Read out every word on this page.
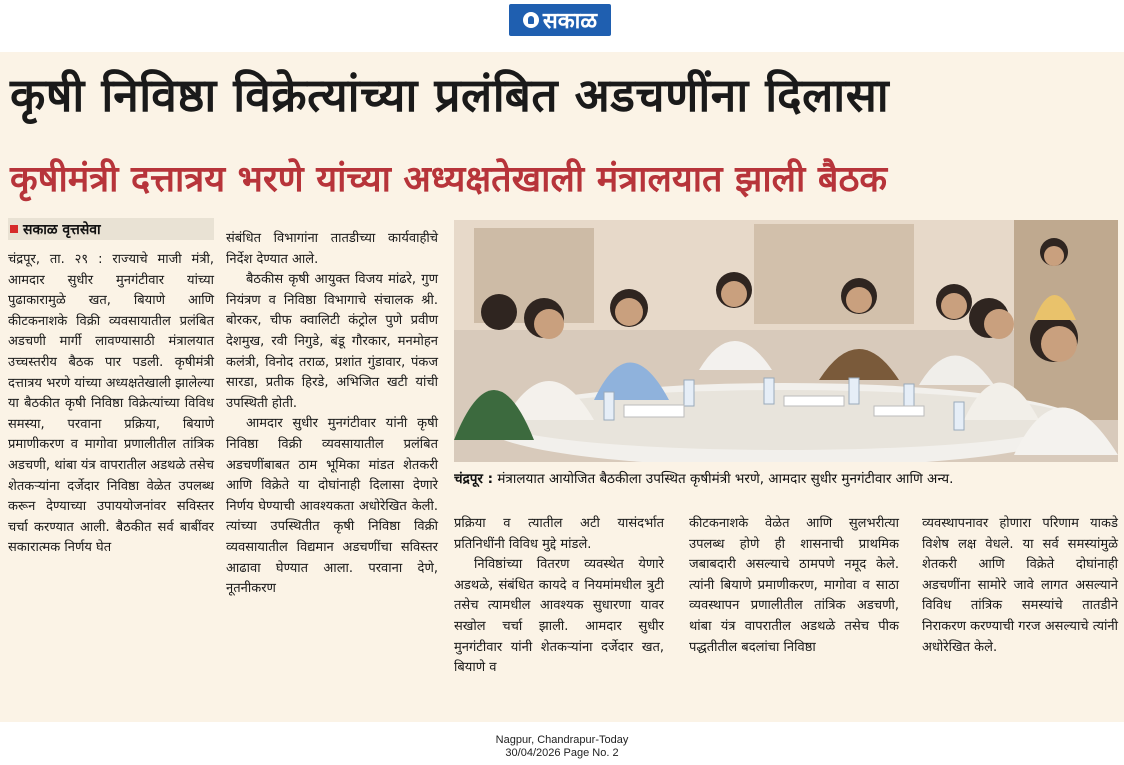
सकाळ
कृषी निविष्ठा विक्रेत्यांच्या प्रलंबित अडचणींना दिलासा
कृषीमंत्री दत्तात्रय भरणे यांच्या अध्यक्षतेखाली मंत्रालयात झाली बैठक
सकाळ वृत्तसेवा

चंद्रपूर, ता. २९ : राज्याचे माजी मंत्री, आमदार सुधीर मुनगंटीवार यांच्या पुढाकारामुळे खत, बियाणे आणि कीटकनाशके विक्री व्यवसायातील प्रलंबित अडचणी मार्गी लावण्यासाठी मंत्रालयात उच्चस्तरीय बैठक पार पडली. कृषीमंत्री दत्तात्रय भरणे यांच्या अध्यक्षतेखाली झालेल्या या बैठकीत कृषी निविष्ठा विक्रेत्यांच्या विविध समस्या, परवाना प्रक्रिया, बियाणे प्रमाणीकरण व मागोवा प्रणालीतील तांत्रिक अडचणी, थांबा यंत्र वापरातील अडथळे तसेच शेतकऱ्यांना दर्जेदार निविष्ठा वेळेत उपलब्ध करून देण्याच्या उपाययोजनांवर सविस्तर चर्चा करण्यात आली. बैठकीत सर्व बाबींवर सकारात्मक निर्णय घेत

संबंधित विभागांना तातडीच्या कार्यवाहीचे निर्देश देण्यात आले.

बैठकीस कृषी आयुक्त विजय मांढरे, गुण नियंत्रण व निविष्ठा विभागाचे संचालक श्री. बोरकर, चीफ क्वालिटी कंट्रोल पुणे प्रवीण देशमुख, रवी निगुडे, बंडू गौरकार, मनमोहन कलंत्री, विनोद तराळ, प्रशांत गुंडावार, पंकज सारडा, प्रतीक हिरडे, अभिजित खटी यांची उपस्थिती होती.

आमदार सुधीर मुनगंटीवार यांनी कृषी निविष्ठा विक्री व्यवसायातील प्रलंबित अडचणींबाबत ठाम भूमिका मांडत शेतकरी आणि विक्रेते या दोघांनाही दिलासा देणारे निर्णय घेण्याची आवश्यकता अधोरेखित केली. त्यांच्या उपस्थितीत कृषी निविष्ठा विक्री व्यवसायातील विद्यमान अडचणींचा सविस्तर आढावा घेण्यात आला. परवाना देणे, नूतनीकरण

चंद्रपूर : मंत्रालयात आयोजित बैठकीला उपस्थित कृषीमंत्री भरणे, आमदार सुधीर मुनगंटीवार आणि अन्य.

प्रक्रिया व त्यातील अटी यासंदर्भात प्रतिनिधींनी विविध मुद्दे मांडले.

निविष्ठांच्या वितरण व्यवस्थेत येणारे अडथळे, संबंधित कायदे व नियमांमधील त्रुटी तसेच त्यामधील आवश्यक सुधारणा यावर सखोल चर्चा झाली. आमदार सुधीर मुनगंटीवार यांनी शेतकऱ्यांना दर्जेदार खत, बियाणे व

कीटकनाशके वेळेत आणि सुलभरीत्या उपलब्ध होणे ही शासनाची प्राथमिक जबाबदारी असल्याचे ठामपणे नमूद केले. त्यांनी बियाणे प्रमाणीकरण, मागोवा व साठा व्यवस्थापन प्रणालीतील तांत्रिक अडचणी, थांबा यंत्र वापरातील अडथळे तसेच पीक पद्धतीतील बदलांचा निविष्ठा

व्यवस्थापनावर होणारा परिणाम याकडे विशेष लक्ष वेधले. या सर्व समस्यांमुळे शेतकरी आणि विक्रेते दोघांनाही अडचणींना सामोरे जावे लागत असल्याने विविध तांत्रिक समस्यांचे तातडीने निराकरण करण्याची गरज असल्याचे त्यांनी अधोरेखित केले.

Nagpur, Chandrapur-Today
30/04/2026 Page No. 2
